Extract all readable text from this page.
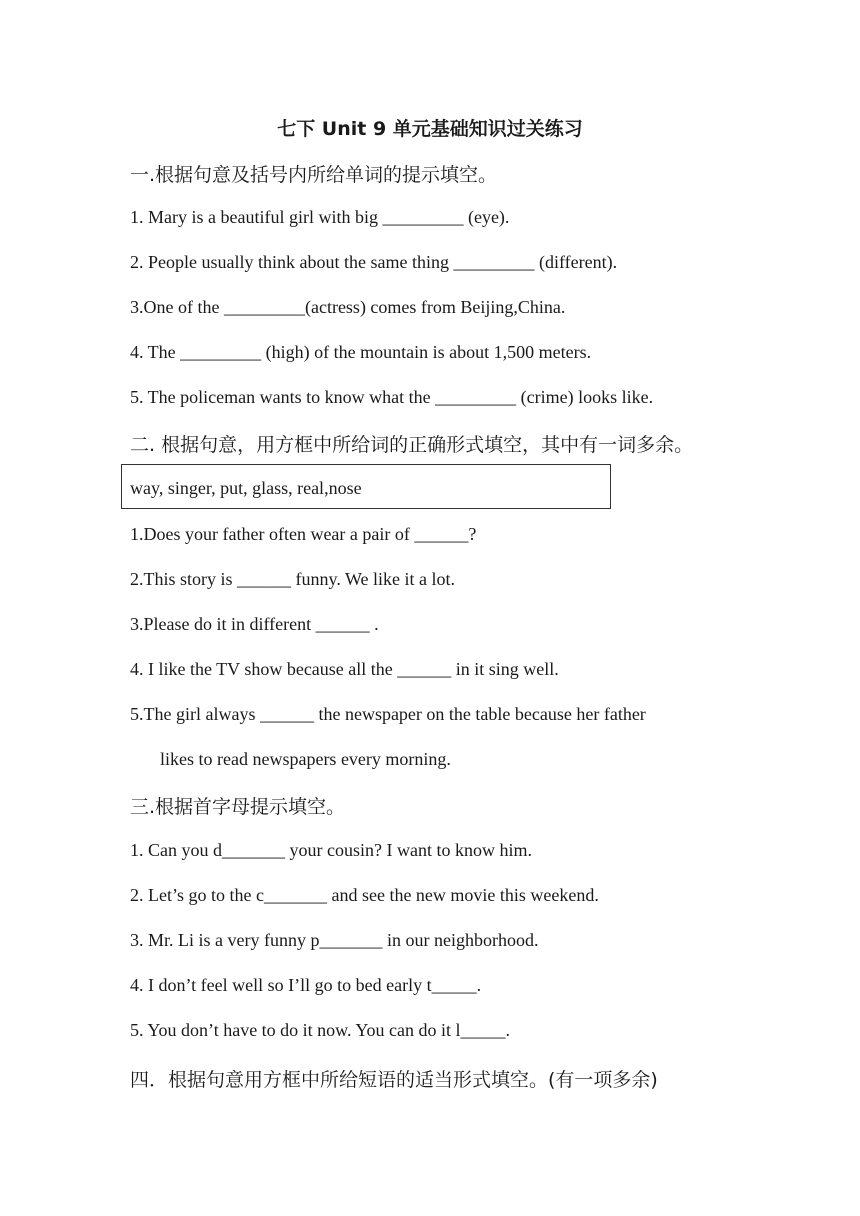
七下 Unit 9 单元基础知识过关练习
一.根据句意及括号内所给单词的提示填空。
1. Mary is a beautiful girl with big _________ (eye).
2. People usually think about the same thing _________ (different).
3.One of the _________(actress) comes from Beijing,China.
4. The _________ (high) of the mountain is about 1,500 meters.
5. The policeman wants to know what the _________ (crime) looks like.
二. 根据句意，用方框中所给词的正确形式填空，其中有一词多余。
way, singer, put, glass, real,nose
1.Does your father often wear a pair of ______?
2.This story is ______ funny. We like it a lot.
3.Please do it in different ______ .
4. I like the TV show because all the ______ in it sing well.
5.The girl always ______ the newspaper on the table because her father
likes to read newspapers every morning.
三.根据首字母提示填空。
1. Can you d_______ your cousin? I want to know him.
2. Let’s go to the c_______ and see the new movie this weekend.
3. Mr. Li is a very funny p_______ in our neighborhood.
4. I don’t feel well so I’ll go to bed early t_____.
5. You don’t have to do it now. You can do it l_____.
四．根据句意用方框中所给短语的适当形式填空。(有一项多余)
